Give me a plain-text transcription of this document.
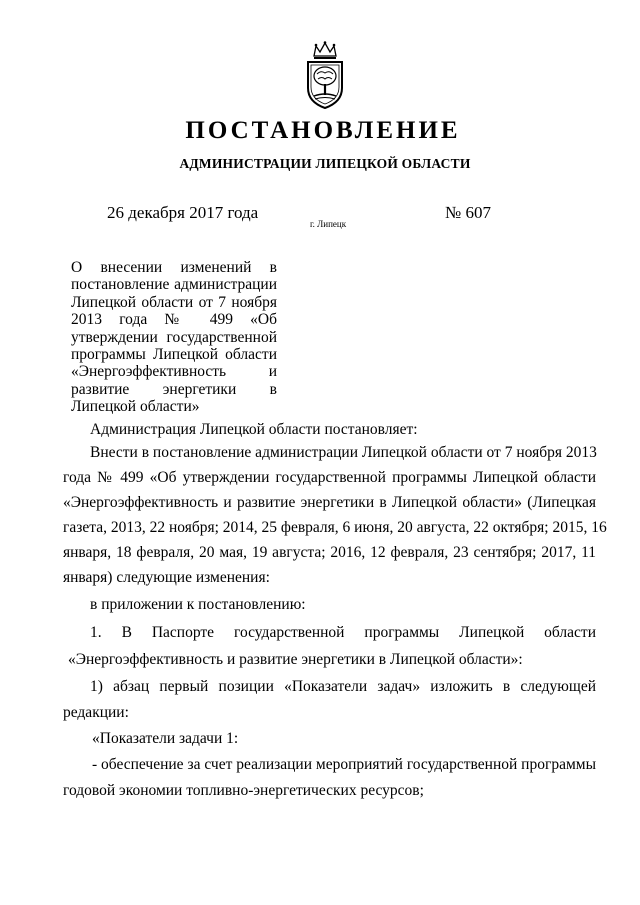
ПОСТАНОВЛЕНИЕ
АДМИНИСТРАЦИИ ЛИПЕЦКОЙ ОБЛАСТИ
26 декабря 2017 года
г. Липецк
№ 607
О внесении изменений в
постановление администрации
Липецкой области от 7 ноября
2013 года № 499 «Об
утверждении государственной
программы Липецкой области
«Энергоэффективность и
развитие энергетики в
Липецкой области»
Администрация Липецкой области постановляет:
Внести в постановление администрации Липецкой области от 7 ноября 2013
года № 499 «Об утверждении государственной программы Липецкой области
«Энергоэффективность и развитие энергетики в Липецкой области» (Липецкая
газета, 2013, 22 ноября; 2014, 25 февраля, 6 июня, 20 августа, 22 октября; 2015, 16
января, 18 февраля, 20 мая, 19 августа; 2016, 12 февраля, 23 сентября; 2017, 11
января) следующие изменения:
в приложении к постановлению:
1. В Паспорте государственной программы Липецкой области
«Энергоэффективность и развитие энергетики в Липецкой области»:
1) абзац первый позиции «Показатели задач» изложить в следующей
редакции:
«Показатели задачи 1:
- обеспечение за счет реализации мероприятий государственной программы
годовой экономии топливно-энергетических ресурсов;
